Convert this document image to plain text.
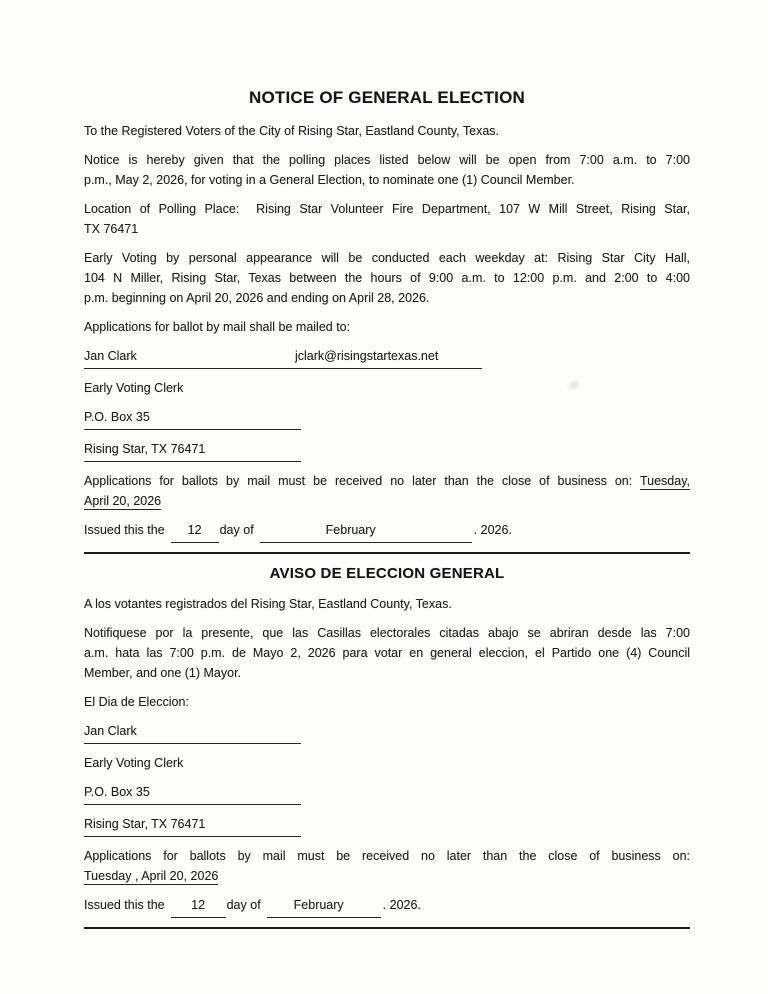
NOTICE OF GENERAL ELECTION

To the Registered Voters of the City of Rising Star, Eastland County, Texas.

Notice is hereby given that the polling places listed below will be open from 7:00 a.m. to 7:00
p.m., May 2, 2026, for voting in a General Election, to nominate one (1) Council Member.

Location of Polling Place:  Rising Star Volunteer Fire Department, 107 W Mill Street, Rising Star,
TX 76471

Early Voting by personal appearance will be conducted each weekday at: Rising Star City Hall,
104 N Miller, Rising Star, Texas between the hours of 9:00 a.m. to 12:00 p.m. and 2:00 to 4:00
p.m. beginning on April 20, 2026 and ending on April 28, 2026.

Applications for ballot by mail shall be mailed to:

Jan Clark	jclark@risingstartexas.net

Early Voting Clerk

P.O. Box 35

Rising Star, TX 76471

Applications for ballots by mail must be received no later than the close of business on: Tuesday,
April 20, 2026

Issued this the 12 day of	February	. 2026.

AVISO DE ELECCION GENERAL

A los votantes registrados del Rising Star, Eastland County, Texas.

Notifiquese por la presente, que las Casillas electorales citadas abajo se abriran desde las 7:00
a.m. hata las 7:00 p.m. de Mayo 2, 2026 para votar en general eleccion, el Partido one (4) Council
Member, and one (1) Mayor.

El Dia de Eleccion:

Jan Clark

Early Voting Clerk

P.O. Box 35

Rising Star, TX 76471

Applications for ballots by mail must be received no later than the close of business on:
Tuesday , April 20, 2026

Issued this the 12 day of	February	. 2026.
